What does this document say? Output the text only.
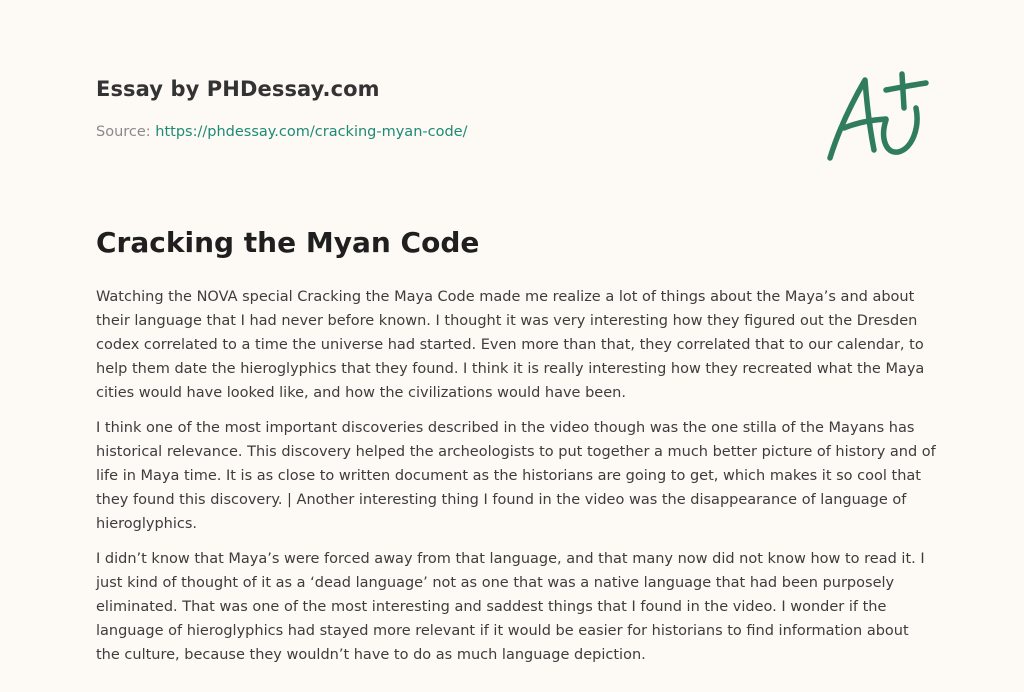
Essay by PHDessay.com

Source: https://phdessay.com/cracking-myan-code/

Cracking the Myan Code

Watching the NOVA special Cracking the Maya Code made me realize a lot of things about the Maya’s and about their language that I had never before known. I thought it was very interesting how they figured out the Dresden codex correlated to a time the universe had started. Even more than that, they correlated that to our calendar, to help them date the hieroglyphics that they found. I think it is really interesting how they recreated what the Maya cities would have looked like, and how the civilizations would have been.

I think one of the most important discoveries described in the video though was the one stilla of the Mayans has historical relevance. This discovery helped the archeologists to put together a much better picture of history and of life in Maya time. It is as close to written document as the historians are going to get, which makes it so cool that they found this discovery. | Another interesting thing I found in the video was the disappearance of language of hieroglyphics.

I didn’t know that Maya’s were forced away from that language, and that many now did not know how to read it. I just kind of thought of it as a ‘dead language’ not as one that was a native language that had been purposely eliminated. That was one of the most interesting and saddest things that I found in the video. I wonder if the language of hieroglyphics had stayed more relevant if it would be easier for historians to find information about the culture, because they wouldn’t have to do as much language depiction.
